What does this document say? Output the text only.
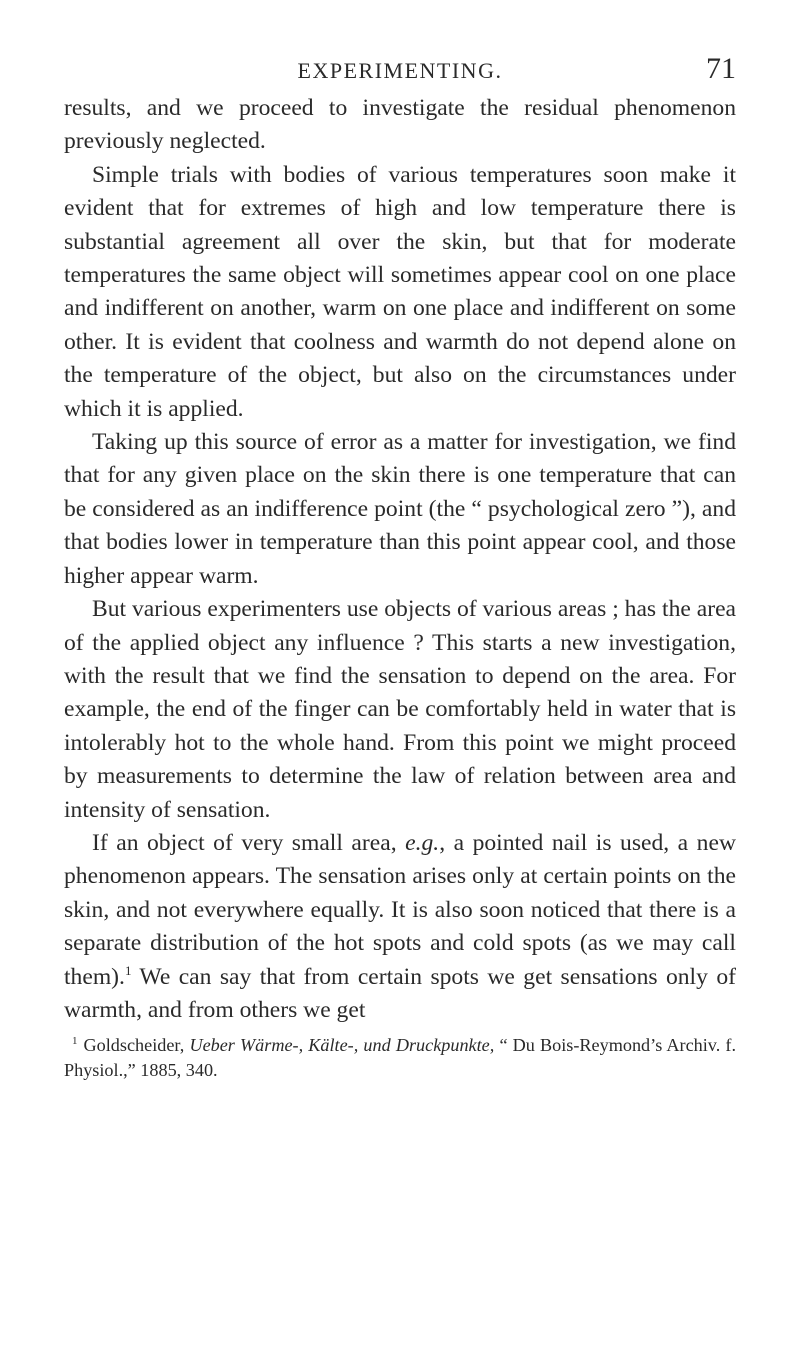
EXPERIMENTING.	71

results, and we proceed to investigate the residual phenomenon previously neglected.

Simple trials with bodies of various temperatures soon make it evident that for extremes of high and low temperature there is substantial agreement all over the skin, but that for moderate temperatures the same object will sometimes appear cool on one place and indifferent on another, warm on one place and indifferent on some other. It is evident that coolness and warmth do not depend alone on the temperature of the object, but also on the circumstances under which it is applied.

Taking up this source of error as a matter for investigation, we find that for any given place on the skin there is one temperature that can be considered as an indifference point (the “ psychological zero ”), and that bodies lower in temperature than this point appear cool, and those higher appear warm.

But various experimenters use objects of various areas ; has the area of the applied object any influence ? This starts a new investigation, with the result that we find the sensation to depend on the area. For example, the end of the finger can be comfortably held in water that is intolerably hot to the whole hand. From this point we might proceed by measurements to determine the law of relation between area and intensity of sensation.

If an object of very small area, e.g., a pointed nail is used, a new phenomenon appears. The sensation arises only at certain points on the skin, and not everywhere equally. It is also soon noticed that there is a separate distribution of the hot spots and cold spots (as we may call them).$^1$ We can say that from certain spots we get sensations only of warmth, and from others we get

$^1$ Goldscheider, Ueber Wärme-, Kälte-, und Druckpunkte, “ Du Bois-Reymond’s Archiv. f. Physiol.,” 1885, 340.
